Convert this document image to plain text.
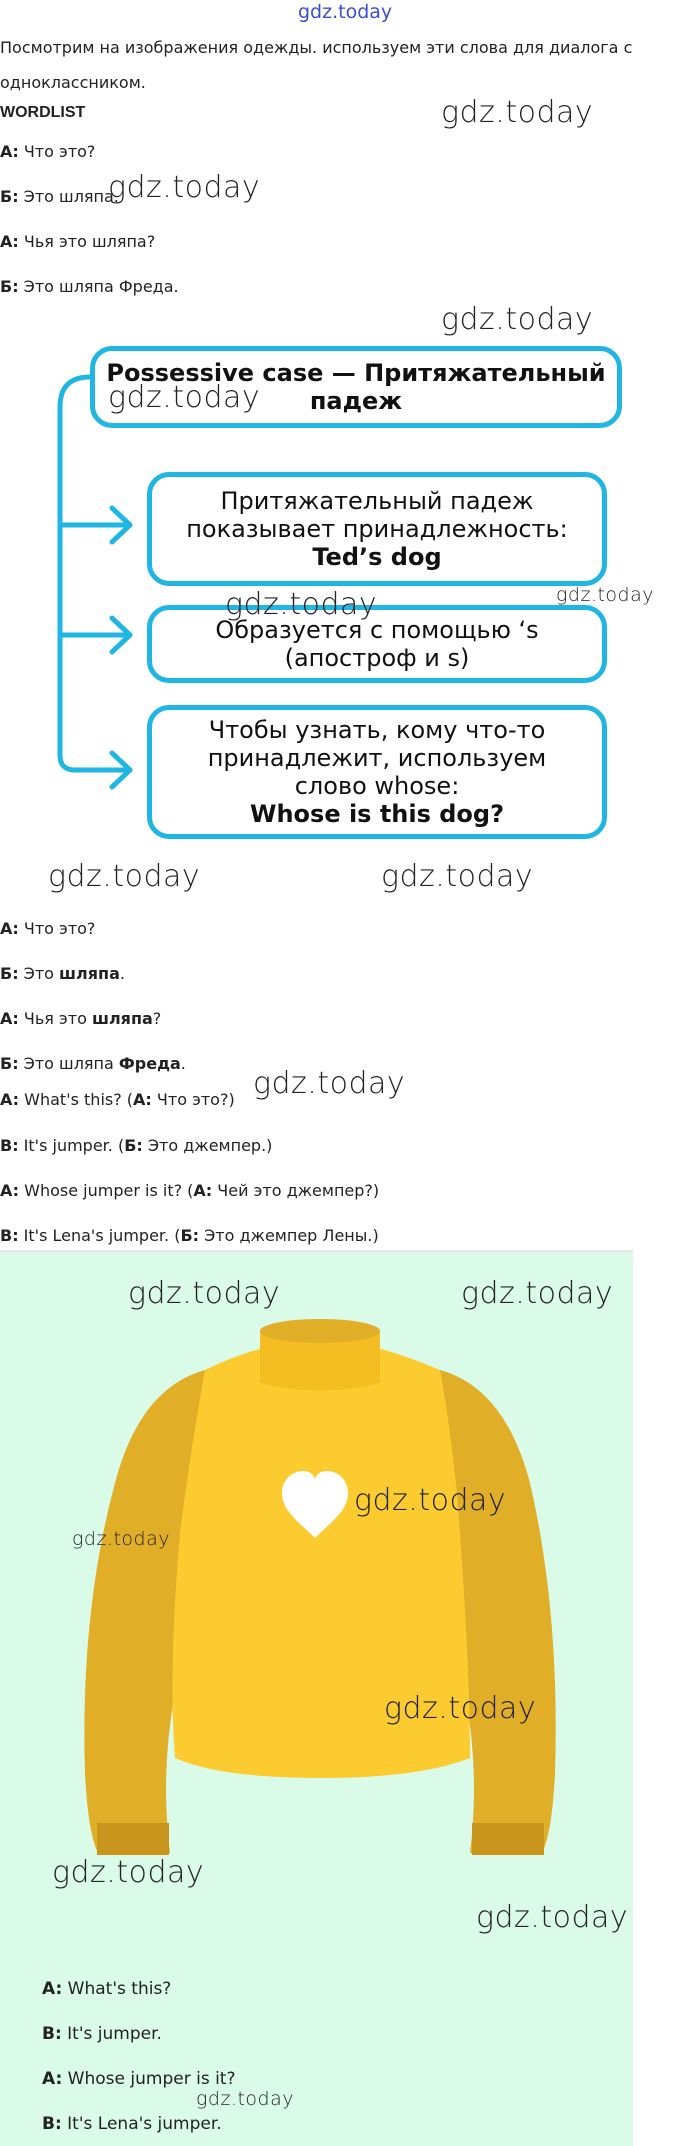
gdz.today

Посмотрим на изображения одежды. используем эти слова для диалога с одноклассником.

WORDLIST

А: Что это?

Б: Это шляпа.

А: Чья это шляпа?

Б: Это шляпа Фреда.

Possessive case — Притяжательный
падеж
Притяжательный падеж
показывает принадлежность:
Ted’s dog
Образуется с помощью ‘s
(апостроф и s)
Чтобы узнать, кому что-то
принадлежит, используем
слово whose:
Whose is this dog?

А: Что это?

Б: Это шляпа.

А: Чья это шляпа?

Б: Это шляпа Фреда.

A: What's this? (А: Что это?)

B: It's jumper. (Б: Это джемпер.)

A: Whose jumper is it? (А: Чей это джемпер?)

B: It's Lena's jumper. (Б: Это джемпер Лены.)

A: What's this?
B: It's jumper.
A: Whose jumper is it?
B: It's Lena's jumper.
gdz.today
gdz.today
gdz.today
gdz.today
gdz.today	gdz.today
gdz.today	gdz.today
gdz.today
gdz.today	gdz.today
gdz.today
gdz.today
gdz.today
gdz.today
gdz.today
gdz.today
